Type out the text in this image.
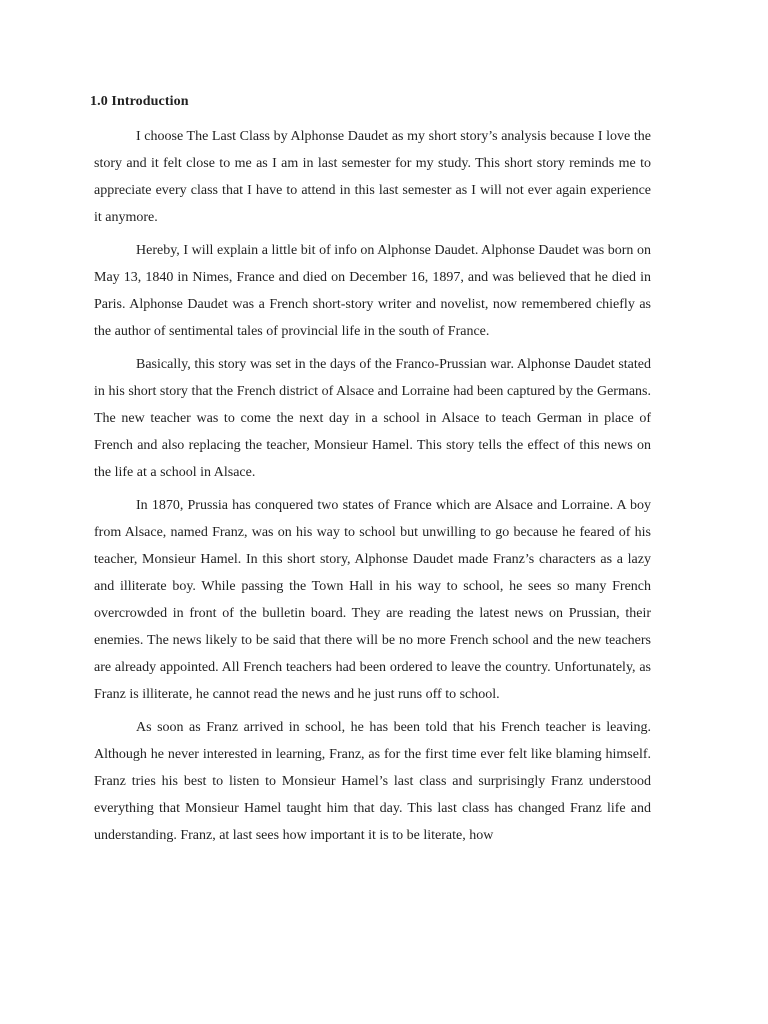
1.0 Introduction

I choose The Last Class by Alphonse Daudet as my short story’s analysis because I love the story and it felt close to me as I am in last semester for my study. This short story reminds me to appreciate every class that I have to attend in this last semester as I will not ever again experience it anymore.

Hereby, I will explain a little bit of info on Alphonse Daudet. Alphonse Daudet was born on May 13, 1840 in Nimes, France and died on December 16, 1897, and was believed that he died in Paris. Alphonse Daudet was a French short-story writer and novelist, now remembered chiefly as the author of sentimental tales of provincial life in the south of France.

Basically, this story was set in the days of the Franco-Prussian war. Alphonse Daudet stated in his short story that the French district of Alsace and Lorraine had been captured by the Germans. The new teacher was to come the next day in a school in Alsace to teach German in place of French and also replacing the teacher, Monsieur Hamel. This story tells the effect of this news on the life at a school in Alsace.

In 1870, Prussia has conquered two states of France which are Alsace and Lorraine. A boy from Alsace, named Franz, was on his way to school but unwilling to go because he feared of his teacher, Monsieur Hamel. In this short story, Alphonse Daudet made Franz’s characters as a lazy and illiterate boy. While passing the Town Hall in his way to school, he sees so many French overcrowded in front of the bulletin board. They are reading the latest news on Prussian, their enemies. The news likely to be said that there will be no more French school and the new teachers are already appointed. All French teachers had been ordered to leave the country. Unfortunately, as Franz is illiterate, he cannot read the news and he just runs off to school.

As soon as Franz arrived in school, he has been told that his French teacher is leaving. Although he never interested in learning, Franz, as for the first time ever felt like blaming himself. Franz tries his best to listen to Monsieur Hamel’s last class and surprisingly Franz understood everything that Monsieur Hamel taught him that day. This last class has changed Franz life and understanding. Franz, at last sees how important it is to be literate, how
